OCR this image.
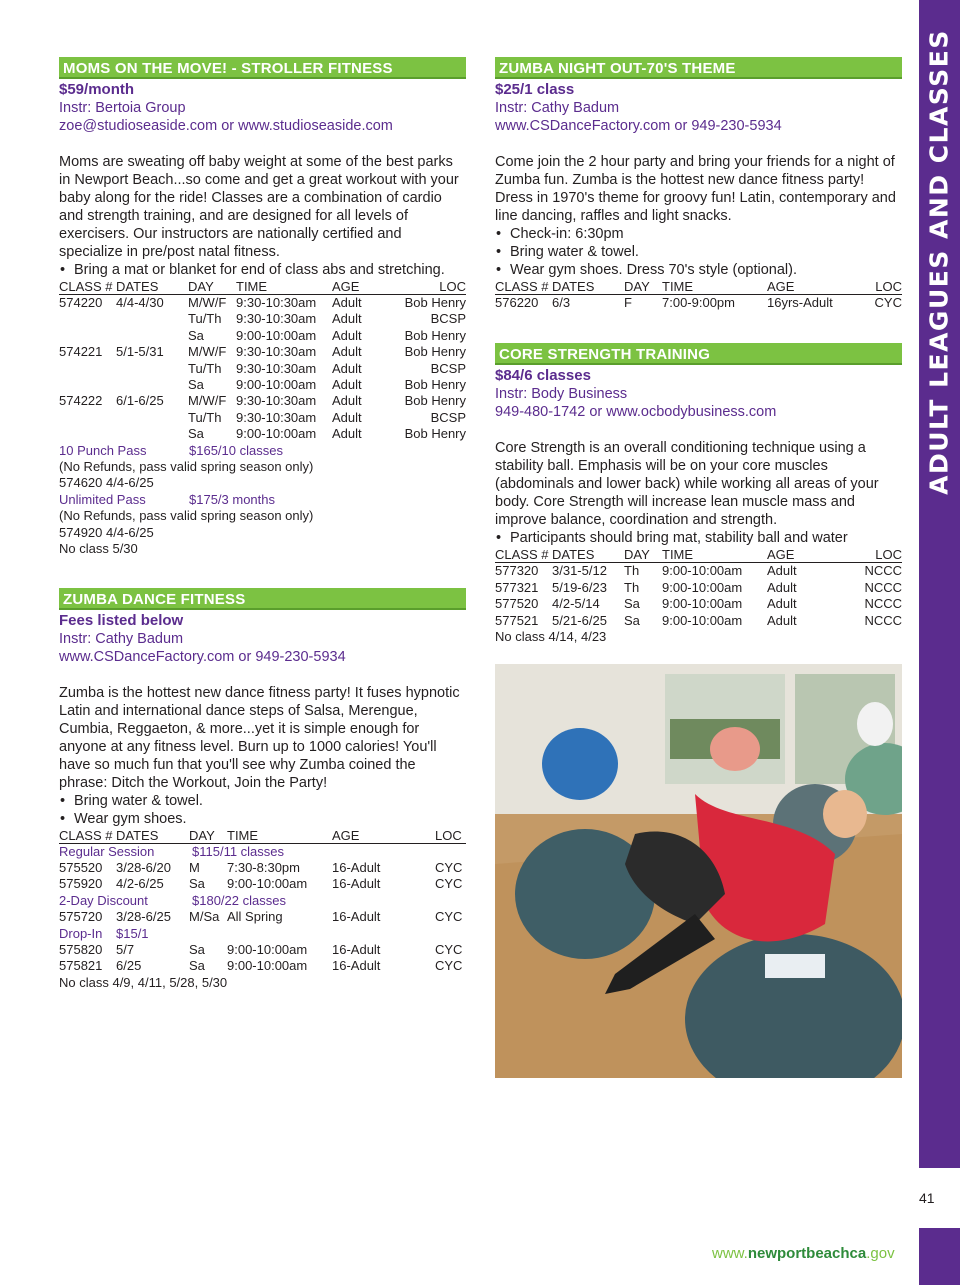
MOMS ON THE MOVE! - STROLLER FITNESS
$59/month
Instr: Bertoia Group
zoe@studioseaside.com or www.studioseaside.com

Moms are sweating off baby weight at some of the best parks in Newport Beach...so come and get a great workout with your baby along for the ride! Classes are a combination of cardio and strength training, and are designed for all levels of exercisers. Our instructors are nationally certified and specialize in pre/post natal fitness.

• Bring a mat or blanket for end of class abs and stretching.
CLASS # DATES	DAY	TIME	AGE	LOC
574220	4/4-4/30	M/W/F 9:30-10:30am	Adult	Bob Henry
Tu/Th	9:30-10:30am	Adult	BCSP
Sa	9:00-10:00am	Adult	Bob Henry
574221	5/1-5/31	M/W/F 9:30-10:30am	Adult	Bob Henry
Tu/Th	9:30-10:30am	Adult	BCSP
Sa	9:00-10:00am	Adult	Bob Henry
574222	6/1-6/25	M/W/F 9:30-10:30am	Adult	Bob Henry
Tu/Th	9:30-10:30am	Adult	BCSP
Sa	9:00-10:00am	Adult	Bob Henry
10 Punch Pass	$165/10 classes
(No Refunds, pass valid spring season only)
574620 4/4-6/25
Unlimited Pass	$175/3 months
(No Refunds, pass valid spring season only)
574920 4/4-6/25
No class 5/30
ZUMBA DANCE FITNESS
Fees listed below
Instr: Cathy Badum
www.CSDanceFactory.com or 949-230-5934

Zumba is the hottest new dance fitness party! It fuses hypnotic Latin and international dance steps of Salsa, Merengue, Cumbia, Reggaeton, & more...yet it is simple enough for anyone at any fitness level. Burn up to 1000 calories! You'll have so much fun that you'll see why Zumba coined the phrase: Ditch the Workout, Join the Party!

• Bring water & towel.
• Wear gym shoes.
CLASS # DATES	DAY TIME	AGE	LOC
Regular Session	$115/11 classes
575520	3/28-6/20	M	7:30-8:30pm	16-Adult	CYC
575920	4/2-6/25	Sa	9:00-10:00am	16-Adult	CYC
2-Day Discount	$180/22 classes
575720	3/28-6/25	M/Sa All Spring	16-Adult	CYC
Drop-In	$15/1
575820	5/7	Sa	9:00-10:00am	16-Adult	CYC
575821	6/25	Sa	9:00-10:00am	16-Adult	CYC
No class 4/9, 4/11, 5/28, 5/30
ZUMBA NIGHT OUT-70'S THEME
$25/1 class
Instr: Cathy Badum
www.CSDanceFactory.com or 949-230-5934

Come join the 2 hour party and bring your friends for a night of Zumba fun. Zumba is the hottest new dance fitness party! Dress in 1970's theme for groovy fun! Latin, contemporary and line dancing, raffles and light snacks.

• Check-in: 6:30pm
• Bring water & towel.
• Wear gym shoes. Dress 70's style (optional).
CLASS # DATES	DAY TIME	AGE	LOC
576220	6/3	F	7:00-9:00pm	16yrs-Adult	CYC
CORE STRENGTH TRAINING
$84/6 classes
Instr: Body Business
949-480-1742 or www.ocbodybusiness.com

Core Strength is an overall conditioning technique using a stability ball. Emphasis will be on your core muscles (abdominals and lower back) while working all areas of your body. Core Strength will increase lean muscle mass and improve balance, coordination and strength.

• Participants should bring mat, stability ball and water
CLASS # DATES	DAY TIME	AGE	LOC
577320	3/31-5/12	Th	9:00-10:00am	Adult	NCCC
577321	5/19-6/23	Th	9:00-10:00am	Adult	NCCC
577520	4/2-5/14	Sa	9:00-10:00am	Adult	NCCC
577521	5/21-6/25	Sa	9:00-10:00am	Adult	NCCC
No class 4/14, 4/23
ADULT LEAGUES AND CLASSES
41
www.newportbeachca.gov
